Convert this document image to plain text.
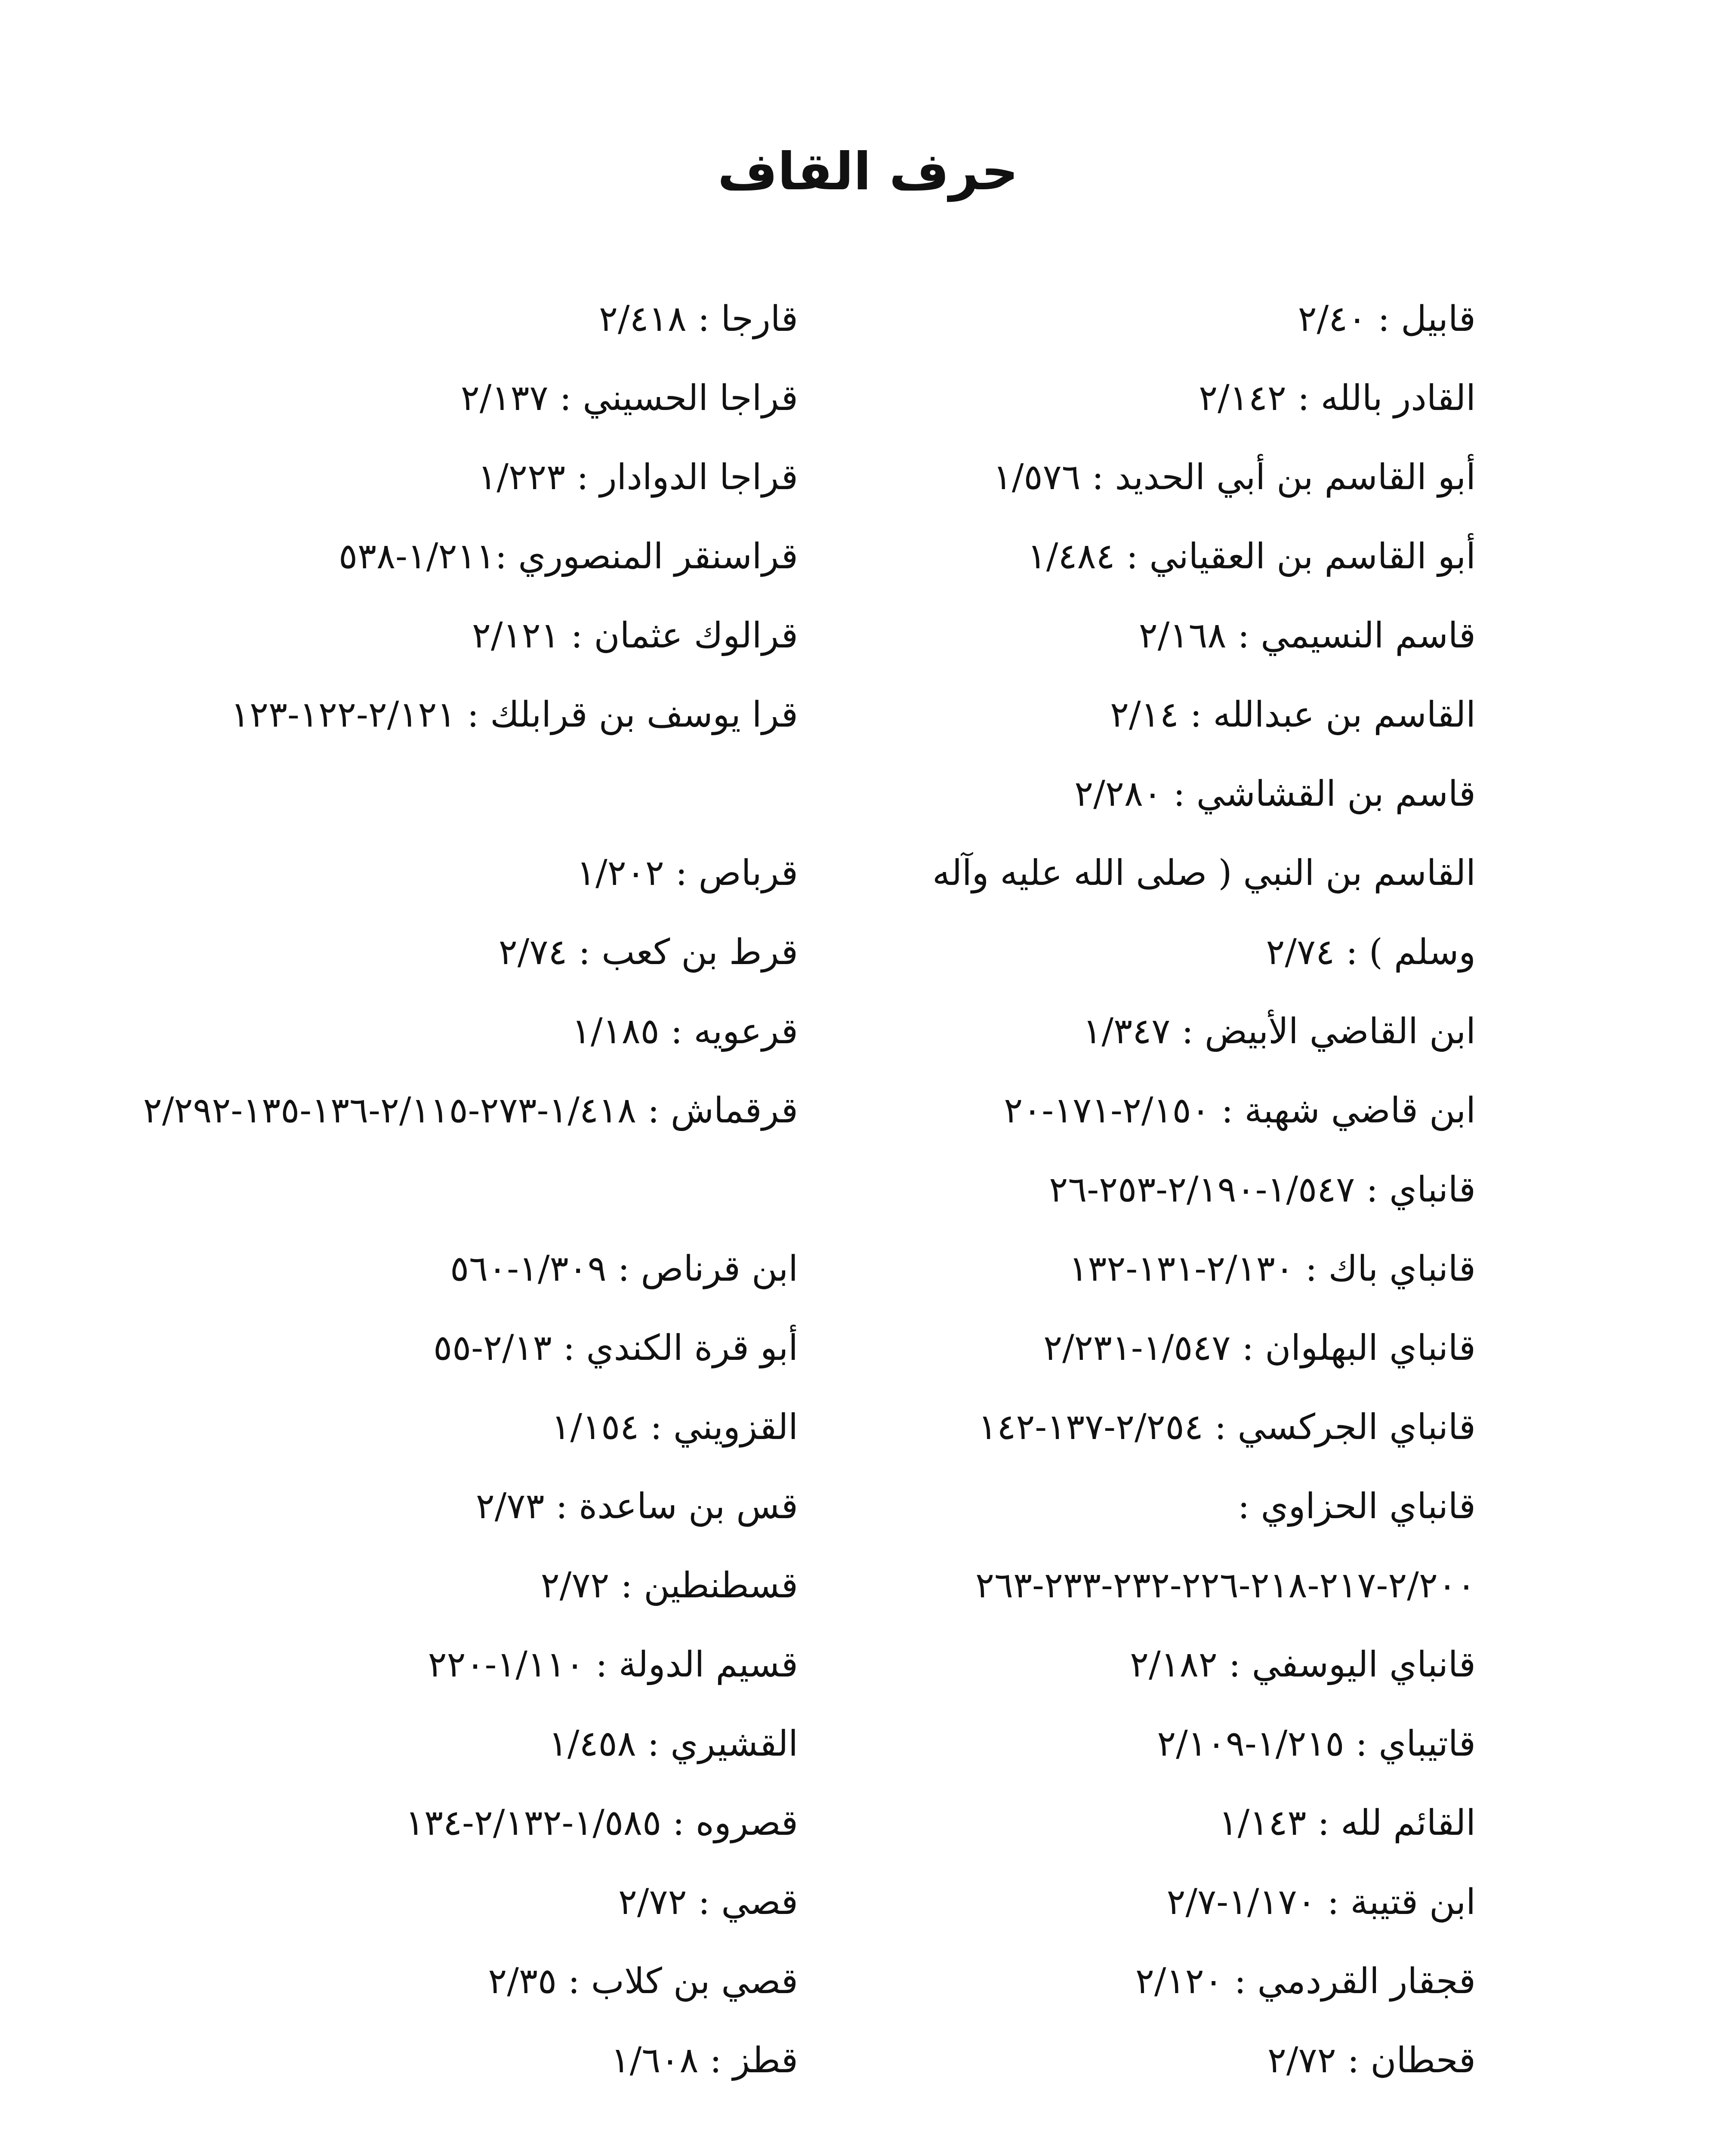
حرف القاف
قابيل : ٢/٤٠
القادر بالله : ٢/١٤٢
أبو القاسم بن أبي الحديد : ١/٥٧٦
أبو القاسم بن العقياني : ١/٤٨٤
قاسم النسيمي : ٢/١٦٨
القاسم بن عبدالله : ٢/١٤
قاسم بن القشاشي : ٢/٢٨٠
القاسم بن النبي ( صلى الله عليه وآله وسلم ) : ٢/٧٤
ابن القاضي الأبيض : ١/٣٤٧
ابن قاضي شهبة : ٢/١٥٠-١٧١-٢٠
قانباي : ١/٥٤٧-٢/١٩٠-٢٥٣-٢٦
قانباي باك : ٢/١٣٠-١٣١-١٣٢
قانباي البهلوان : ١/٥٤٧-٢/٢٣١
قانباي الجركسي : ٢/٢٥٤-١٣٧-١٤٢
قانباي الحزاوي : ٢/٢٠٠-٢١٧-٢١٨-٢٢٦-٢٣٢-٢٣٣-٢٦٣
قانباي اليوسفي : ٢/١٨٢
قاتيباي : ١/٢١٥-٢/١٠٩
القائم لله : ١/١٤٣
ابن قتيبة : ١/١٧٠-٢/٧
قجقار القردمي : ٢/١٢٠
قحطان : ٢/٧٢
قارجا : ٢/٤١٨
قراجا الحسيني : ٢/١٣٧
قراجا الدوادار : ١/٢٢٣
قراسنقر المنصوري :١/٢١١-٥٣٨
قرالوك عثمان : ٢/١٢١
قرا يوسف بن قرابلك : ٢/١٢١-١٢٢-١٢٣
قرباص : ١/٢٠٢
قرط بن كعب : ٢/٧٤
قرعويه : ١/١٨٥
قرقماش : ١/٤١٨-٢٧٣-٢/١١٥-١٣٦-١٣٥-٢/٢٩٢
ابن قرناص : ١/٣٠٩-٥٦٠
أبو قرة الكندي : ٢/١٣-٥٥
القزويني : ١/١٥٤
قس بن ساعدة : ٢/٧٣
قسطنطين : ٢/٧٢
قسيم الدولة : ١/١١٠-٢٢٠
القشيري : ١/٤٥٨
قصروه : ١/٥٨٥-٢/١٣٢-١٣٤
قصي : ٢/٧٢
قصي بن كلاب : ٢/٣٥
قطز : ١/٦٠٨
